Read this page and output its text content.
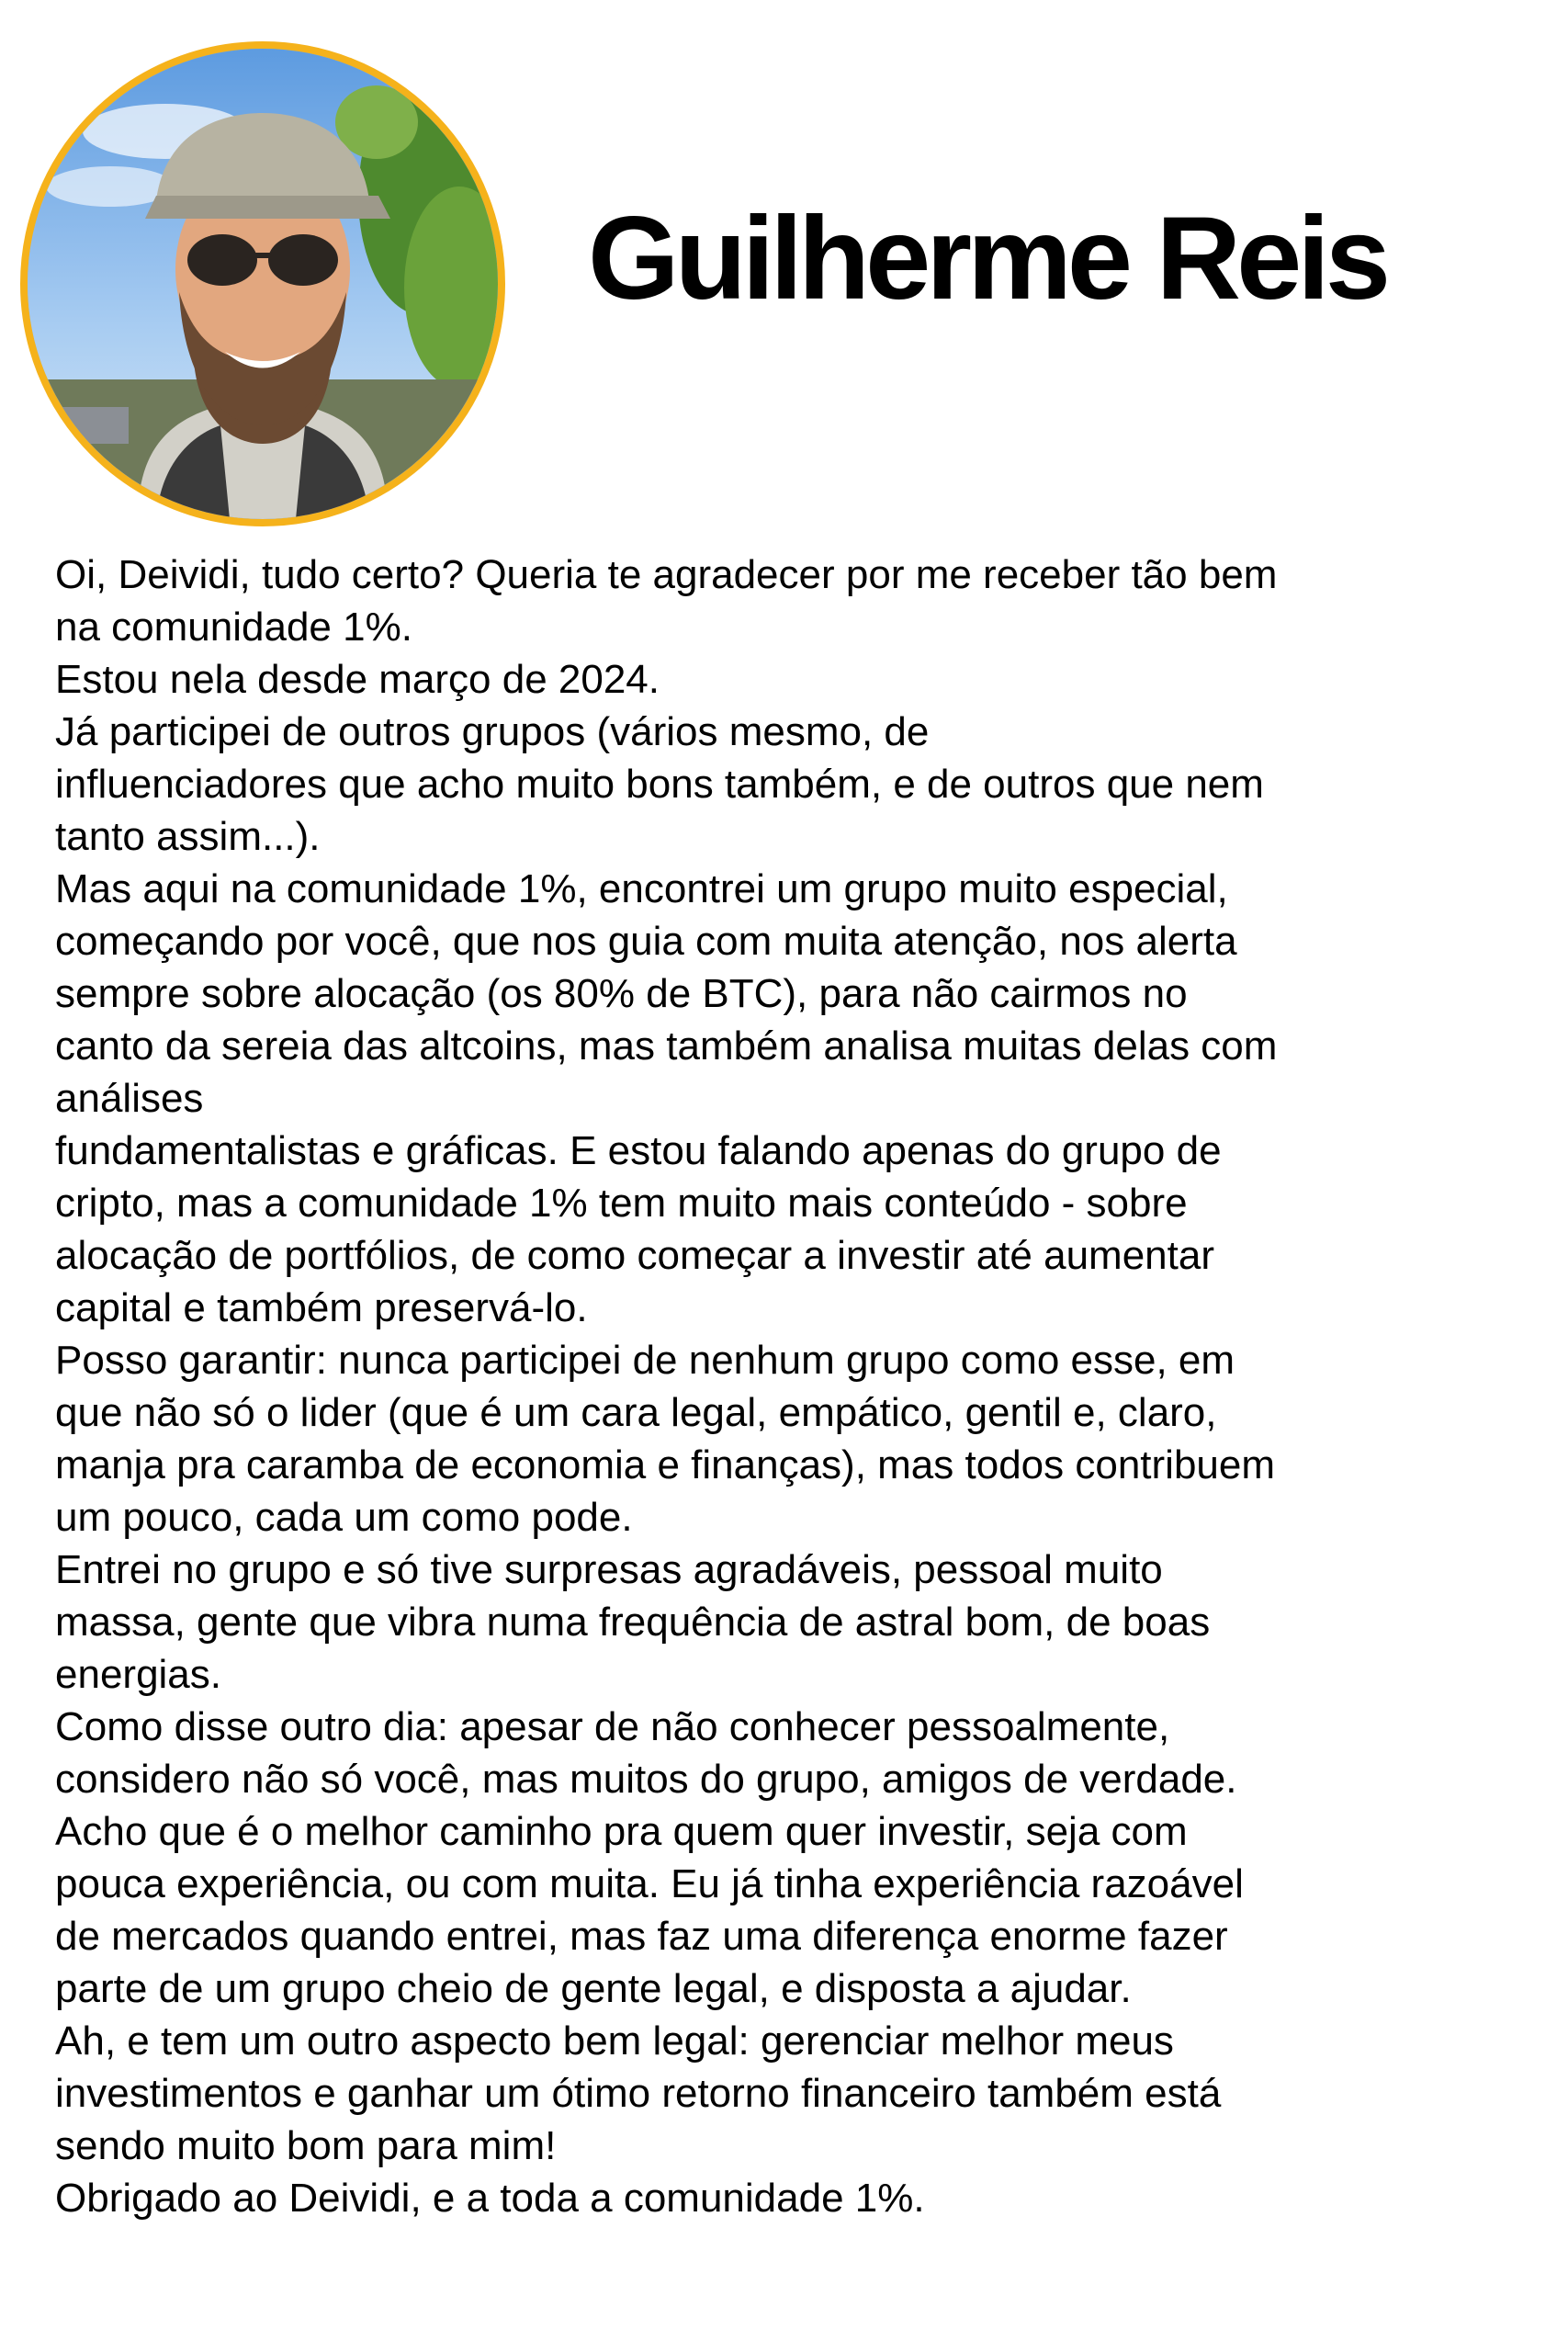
Guilherme Reis
Oi, Deividi, tudo certo? Queria te agradecer por me receber tão bem
na comunidade 1%.
Estou nela desde março de 2024.
Já participei de outros grupos (vários mesmo, de
influenciadores que acho muito bons também, e de outros que nem
tanto assim...).
Mas aqui na comunidade 1%, encontrei um grupo muito especial,
começando por você, que nos guia com muita atenção, nos alerta
sempre sobre alocação (os 80% de BTC), para não cairmos no
canto da sereia das altcoins, mas também analisa muitas delas com
análises
fundamentalistas e gráficas. E estou falando apenas do grupo de
cripto, mas a comunidade 1% tem muito mais conteúdo - sobre
alocação de portfólios, de como começar a investir até aumentar
capital e também preservá-lo.
Posso garantir: nunca participei de nenhum grupo como esse, em
que não só o lider (que é um cara legal, empático, gentil e, claro,
manja pra caramba de economia e finanças), mas todos contribuem
um pouco, cada um como pode.
Entrei no grupo e só tive surpresas agradáveis, pessoal muito
massa, gente que vibra numa frequência de astral bom, de boas
energias.
Como disse outro dia: apesar de não conhecer pessoalmente,
considero não só você, mas muitos do grupo, amigos de verdade.
Acho que é o melhor caminho pra quem quer investir, seja com
pouca experiência, ou com muita. Eu já tinha experiência razoável
de mercados quando entrei, mas faz uma diferença enorme fazer
parte de um grupo cheio de gente legal, e disposta a ajudar.
Ah, e tem um outro aspecto bem legal: gerenciar melhor meus
investimentos e ganhar um ótimo retorno financeiro também está
sendo muito bom para mim!
Obrigado ao Deividi, e a toda a comunidade 1%.
